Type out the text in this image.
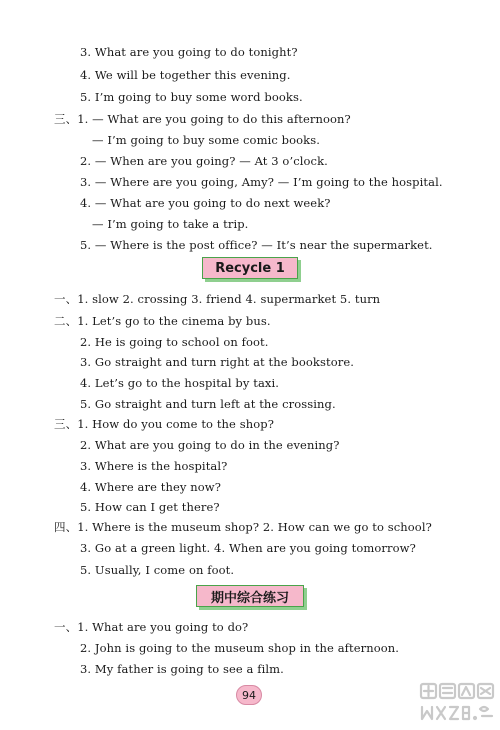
3. What are you going to do tonight?
4. We will be together this evening.
5. I’m going to buy some word books.
三、1. — What are you going to do this afternoon?
— I’m going to buy some comic books.
2. — When are you going? — At 3 o’clock.
3. — Where are you going, Amy? — I’m going to the hospital.
4. — What are you going to do next week?
— I’m going to take a trip.
5. — Where is the post office? — It’s near the supermarket.
Recycle 1
一、1. slow 2. crossing 3. friend 4. supermarket 5. turn
二、1. Let’s go to the cinema by bus.
2. He is going to school on foot.
3. Go straight and turn right at the bookstore.
4. Let’s go to the hospital by taxi.
5. Go straight and turn left at the crossing.
三、1. How do you come to the shop?
2. What are you going to do in the evening?
3. Where is the hospital?
4. Where are they now?
5. How can I get there?
四、1. Where is the museum shop? 2. How can we go to school?
3. Go at a green light. 4. When are you going tomorrow?
5. Usually, I come on foot.
期中综合练习
一、1. What are you going to do?
2. John is going to the museum shop in the afternoon.
3. My father is going to see a film.
94
